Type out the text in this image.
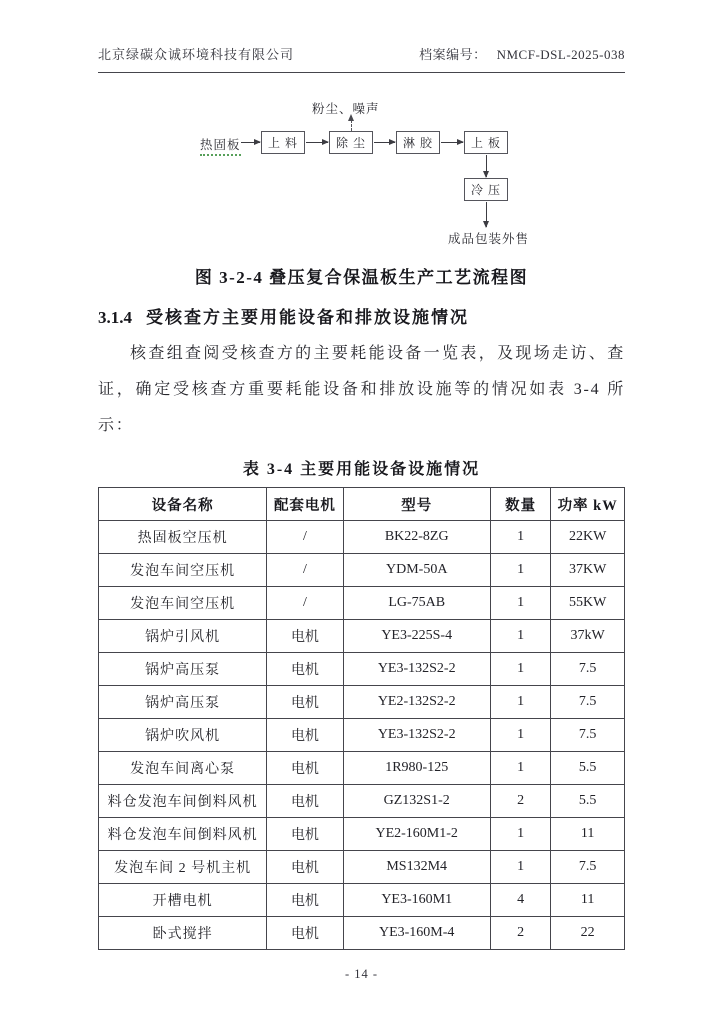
北京绿碳众诚环境科技有限公司	档案编号： NMCF-DSL-2025-038
粉尘、噪声
热固板	上 料	除 尘	淋 胶	上 板
冷 压
成品包装外售
图 3-2-4 叠压复合保温板生产工艺流程图
3.1.4 受核查方主要用能设备和排放设施情况
核查组查阅受核查方的主要耗能设备一览表，及现场走访、查证，确定受核查方重要耗能设备和排放设施等的情况如表 3-4 所示：
表 3-4 主要用能设备设施情况
设备名称	配套电机	型号	数量	功率 kW
热固板空压机	/	BK22-8ZG	1	22KW
发泡车间空压机	/	YDM-50A	1	37KW
发泡车间空压机	/	LG-75AB	1	55KW
锅炉引风机	电机	YE3-225S-4	1	37kW
锅炉高压泵	电机	YE3-132S2-2	1	7.5
锅炉高压泵	电机	YE2-132S2-2	1	7.5
锅炉吹风机	电机	YE3-132S2-2	1	7.5
发泡车间离心泵	电机	1R980-125	1	5.5
料仓发泡车间倒料风机	电机	GZ132S1-2	2	5.5
料仓发泡车间倒料风机	电机	YE2-160M1-2	1	11
发泡车间 2 号机主机	电机	MS132M4	1	7.5
开槽电机	电机	YE3-160M1	4	11
卧式搅拌	电机	YE3-160M-4	2	22
- 14 -
